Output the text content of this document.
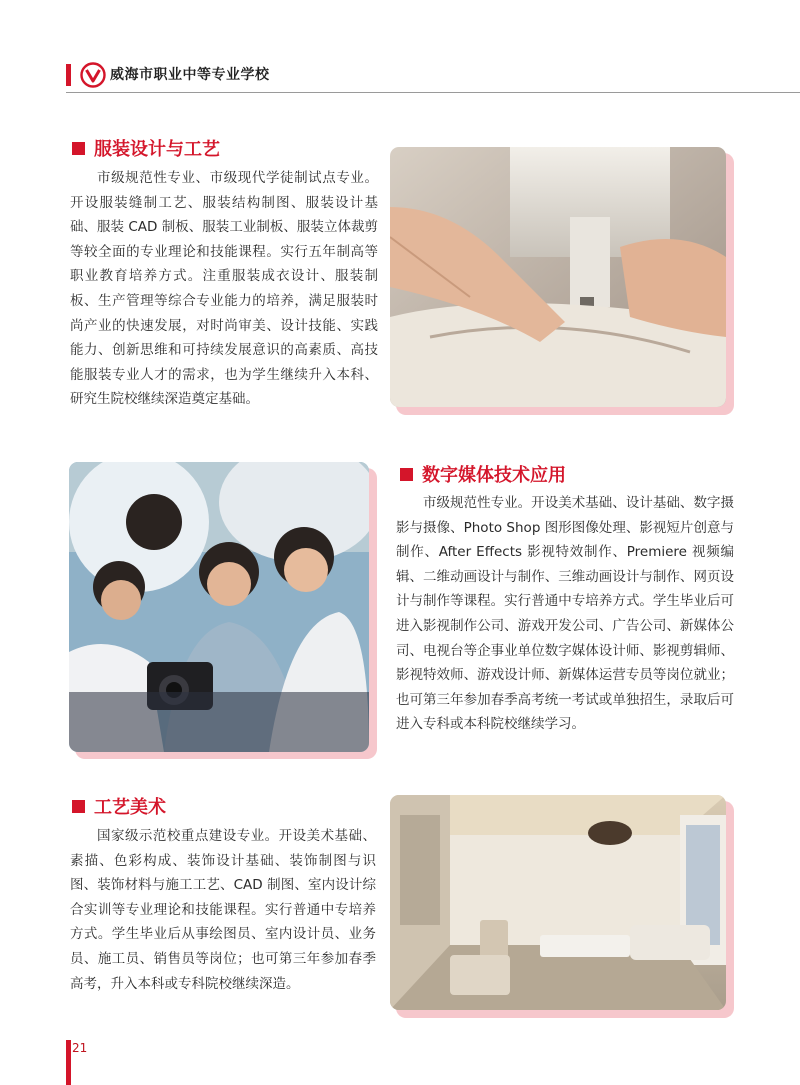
威海市职业中等专业学校
服装设计与工艺
市级规范性专业、市级现代学徒制试点专业。开设服装缝制工艺、服装结构制图、服装设计基础、服装 CAD 制板、服装工业制板、服装立体裁剪等较全面的专业理论和技能课程。实行五年制高等职业教育培养方式。注重服装成衣设计、服装制板、生产管理等综合专业能力的培养，满足服装时尚产业的快速发展，对时尚审美、设计技能、实践能力、创新思维和可持续发展意识的高素质、高技能服装专业人才的需求，也为学生继续升入本科、研究生院校继续深造奠定基础。
数字媒体技术应用
市级规范性专业。开设美术基础、设计基础、数字摄影与摄像、Photo Shop 图形图像处理、影视短片创意与制作、After Effects 影视特效制作、Premiere 视频编辑、二维动画设计与制作、三维动画设计与制作、网页设计与制作等课程。实行普通中专培养方式。学生毕业后可进入影视制作公司、游戏开发公司、广告公司、新媒体公司、电视台等企事业单位数字媒体设计师、影视剪辑师、影视特效师、游戏设计师、新媒体运营专员等岗位就业；也可第三年参加春季高考统一考试或单独招生，录取后可进入专科或本科院校继续学习。
工艺美术
国家级示范校重点建设专业。开设美术基础、素描、色彩构成、装饰设计基础、装饰制图与识图、装饰材料与施工工艺、CAD 制图、室内设计综合实训等专业理论和技能课程。实行普通中专培养方式。学生毕业后从事绘图员、室内设计员、业务员、施工员、销售员等岗位；也可第三年参加春季高考，升入本科或专科院校继续深造。
21
